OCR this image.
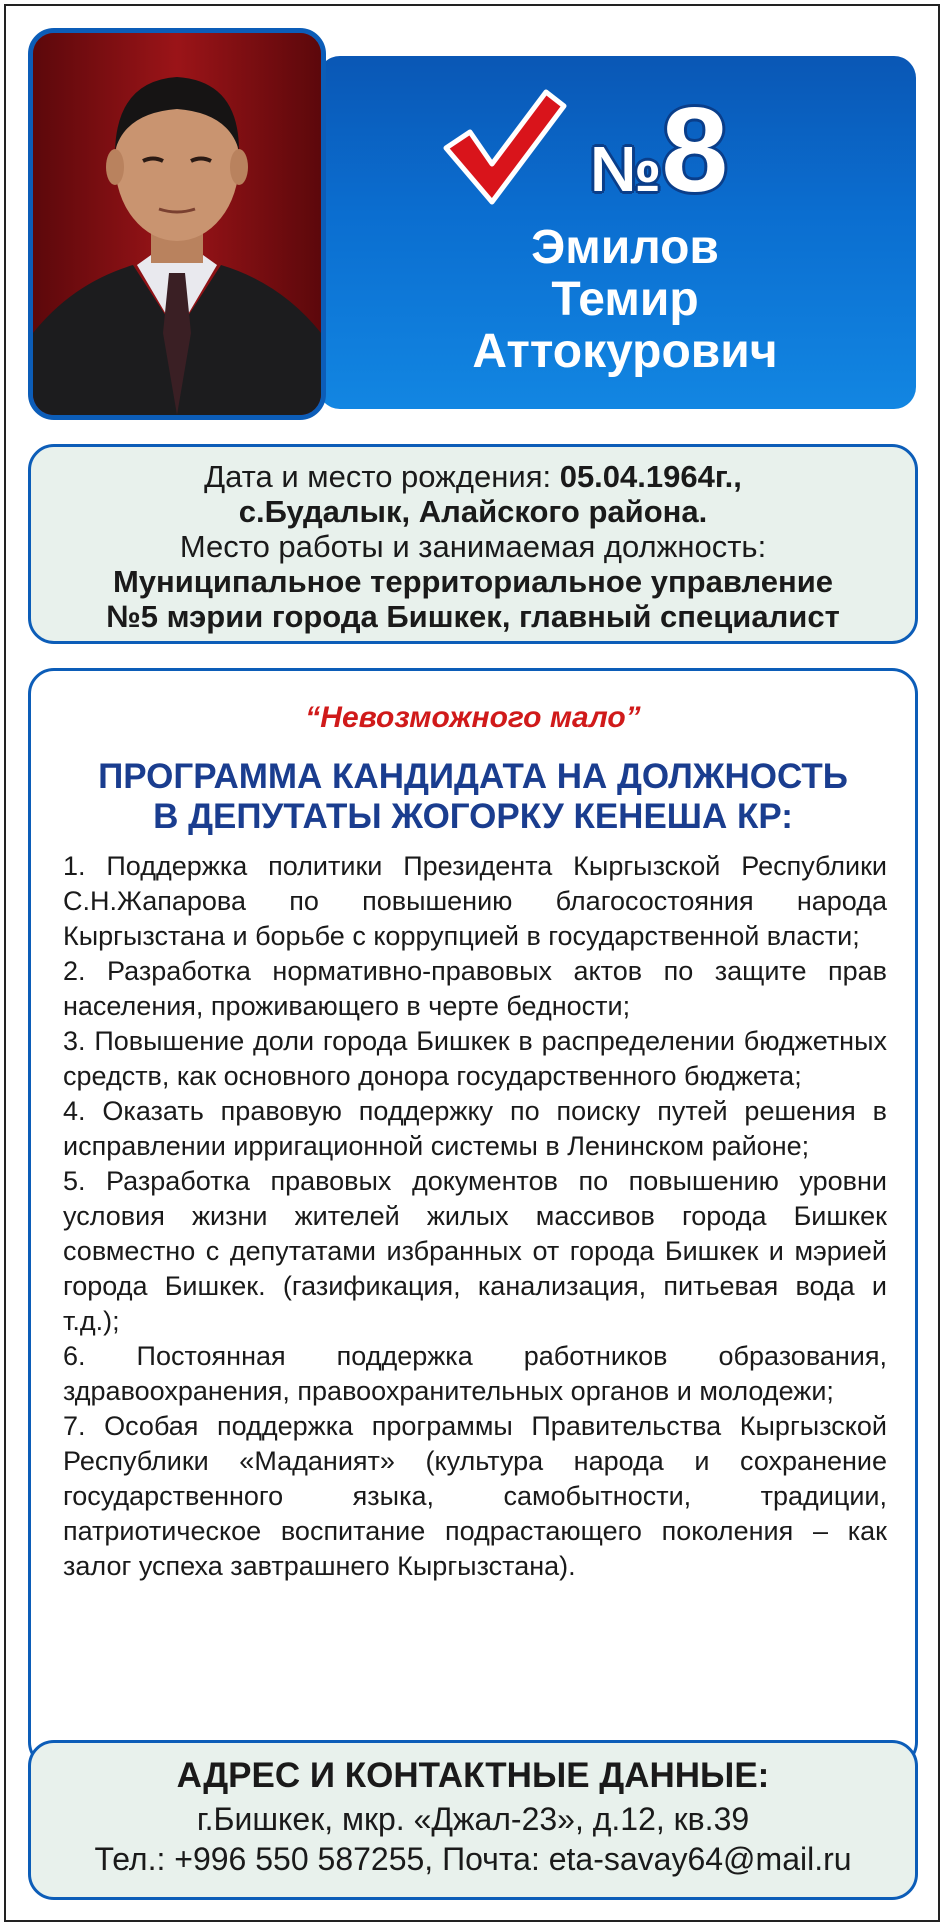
№8
Эмилов
Темир
Аттокурович
Дата и место рождения: 05.04.1964г.,
с.Будалык, Алайского района.
Место работы и занимаемая должность:
Муниципальное территориальное управление
№5 мэрии города Бишкек, главный специалист
“Невозможного мало”
ПРОГРАММА КАНДИДАТА НА ДОЛЖНОСТЬ
В ДЕПУТАТЫ ЖОГОРКУ КЕНЕША КР:
1. Поддержка политики Президента Кыргызской Республики С.Н.Жапарова по повышению благосостояния народа Кыргызстана и борьбе с коррупцией в государственной власти;
2. Разработка нормативно-правовых актов по защите прав населения, проживающего в черте бедности;
3. Повышение доли города Бишкек в распределении бюджетных средств, как основного донора государственного бюджета;
4. Оказать правовую поддержку по поиску путей решения в исправлении ирригационной системы в Ленинском районе;
5. Разработка правовых документов по повышению уровни условия жизни жителей жилых массивов города Бишкек совместно с депутатами избранных от города Бишкек и мэрией города Бишкек. (газификация, канализация, питьевая вода и т.д.);
6. Постоянная поддержка работников образования, здравоохранения, правоохранительных органов и молодежи;
7. Особая поддержка программы Правительства Кыргызской Республики «Маданият» (культура народа и сохранение государственного языка, самобытности, традиции, патриотическое воспитание подрастающего поколения – как залог успеха завтрашнего Кыргызстана).
АДРЕС И КОНТАКТНЫЕ ДАННЫЕ:
г.Бишкек, мкр. «Джал-23», д.12, кв.39
Тел.: +996 550 587255, Почта: eta-savay64@mail.ru
